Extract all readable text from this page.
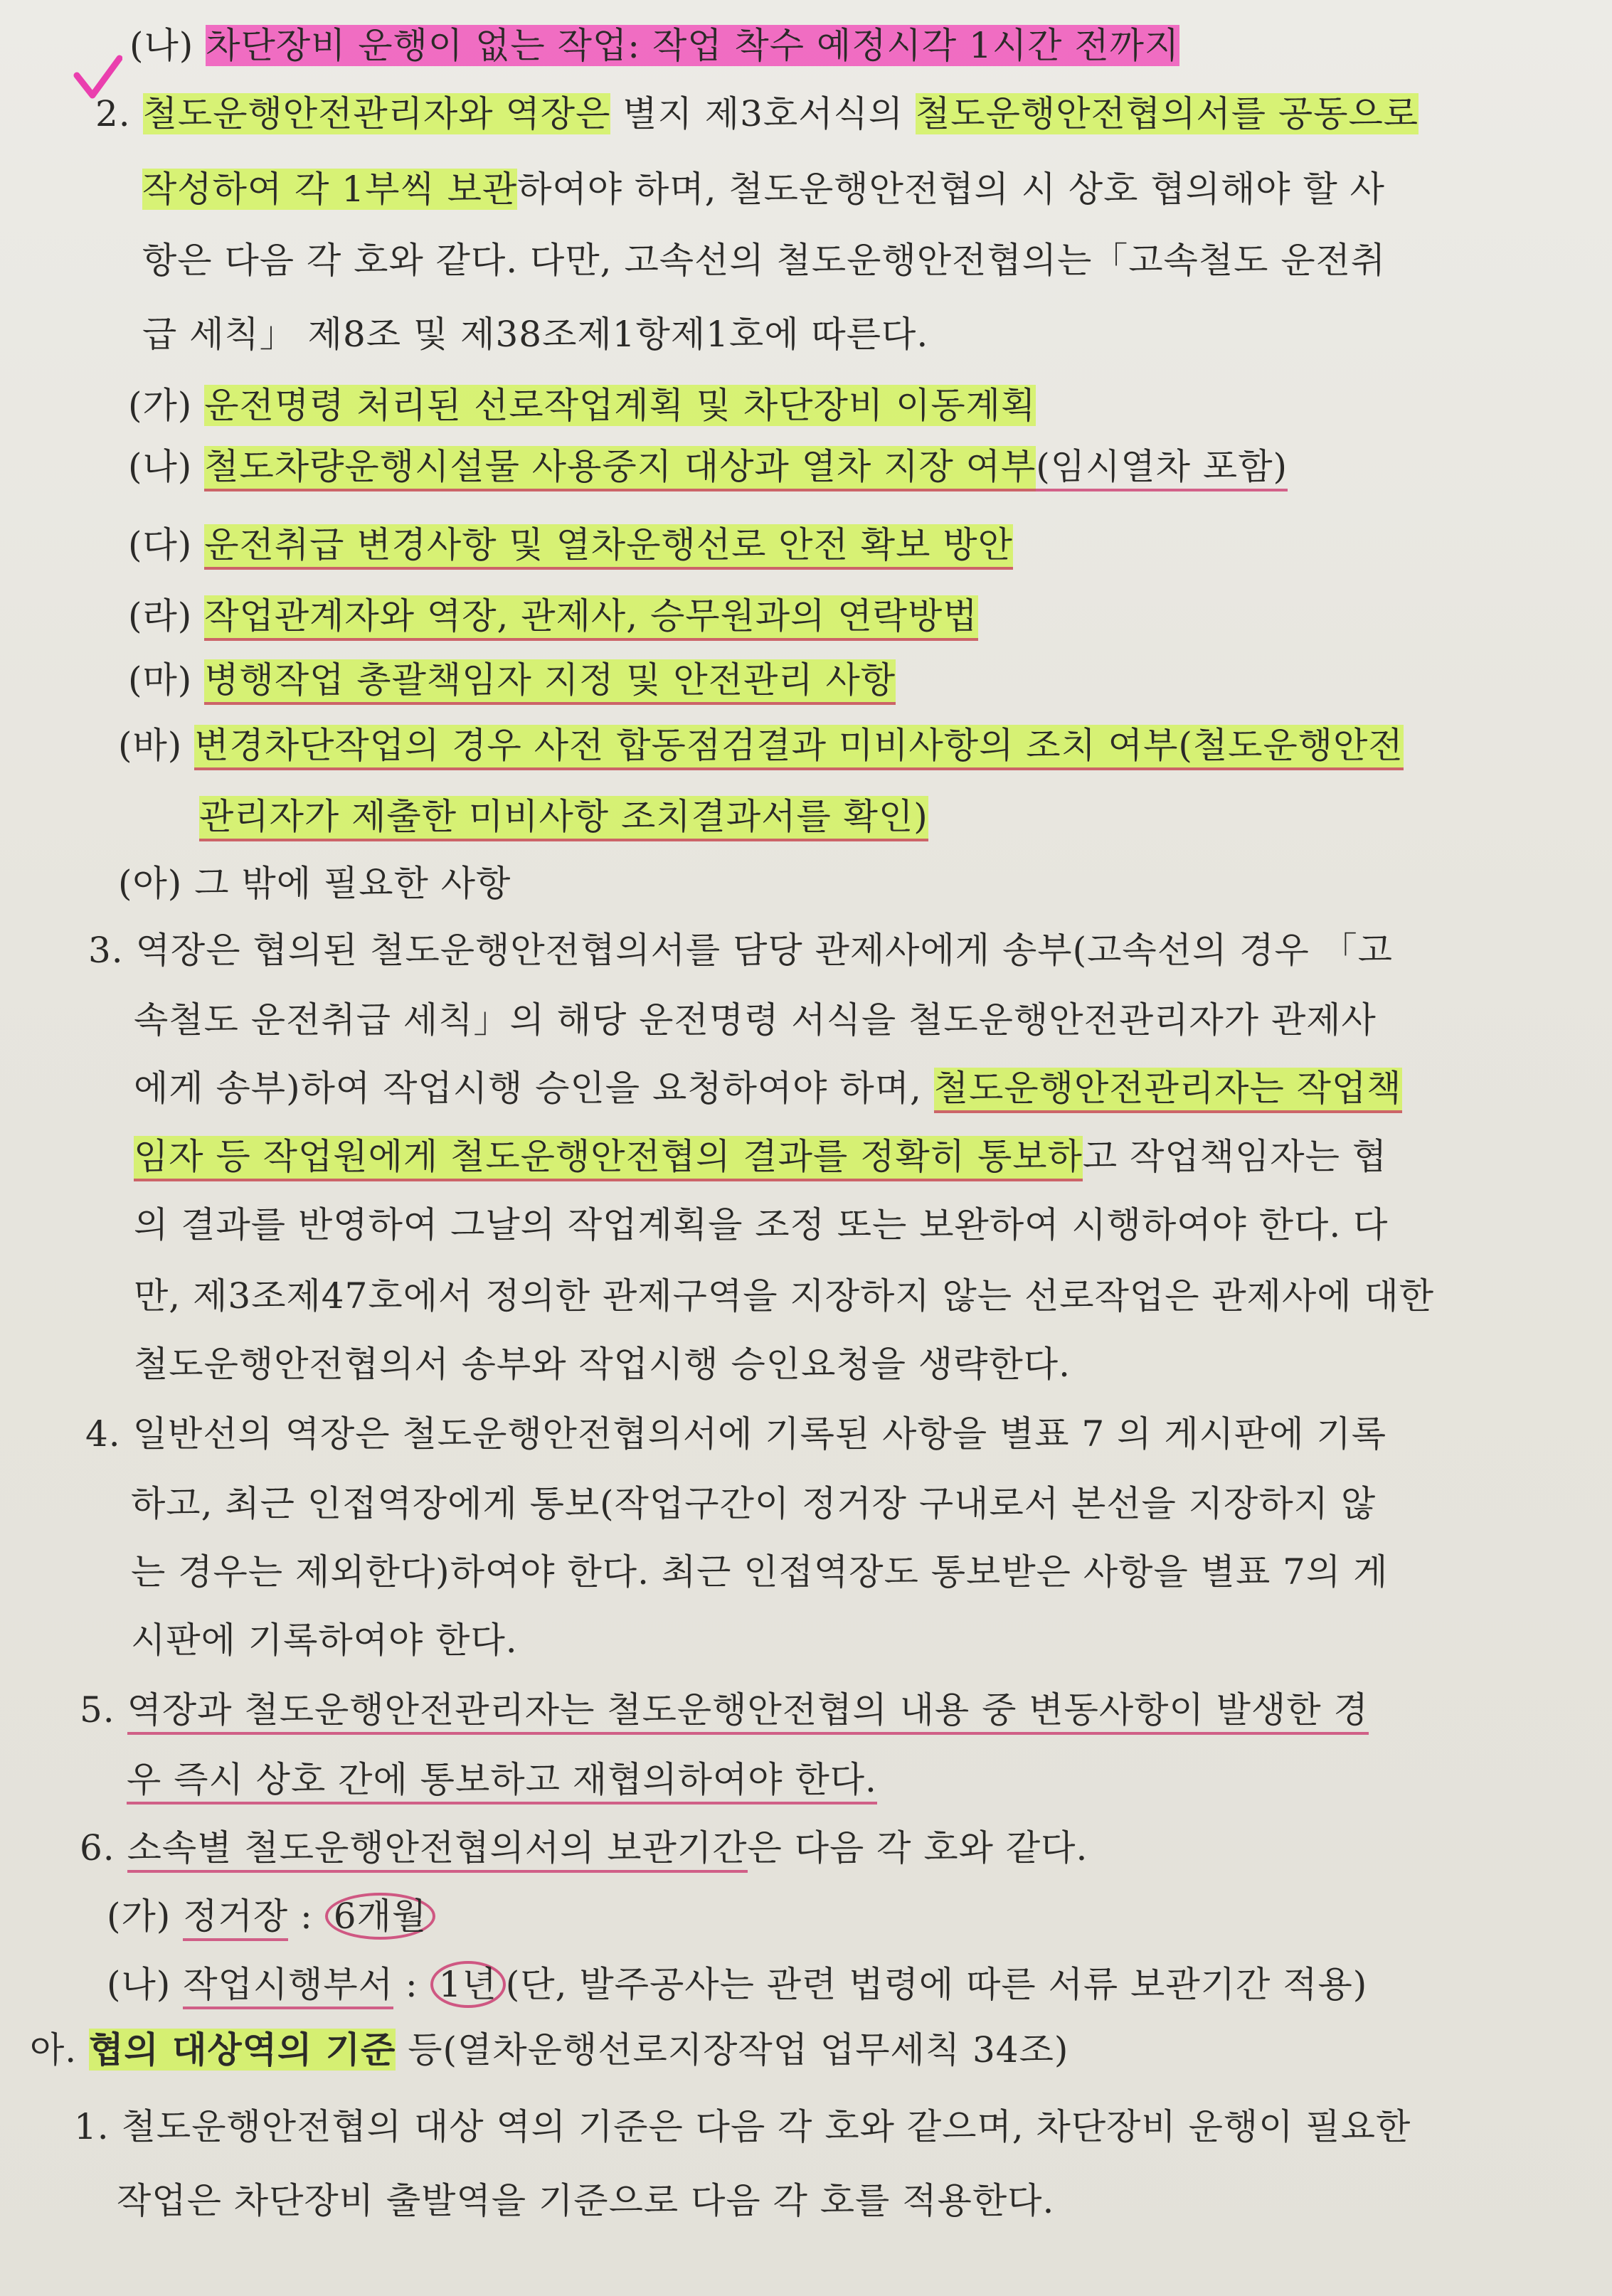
(나) 차단장비 운행이 없는 작업: 작업 착수 예정시각 1시간 전까지
2. 철도운행안전관리자와 역장은 별지 제3호서식의 철도운행안전협의서를 공동으로
작성하여 각 1부씩 보관하여야 하며, 철도운행안전협의 시 상호 협의해야 할 사
항은 다음 각 호와 같다. 다만, 고속선의 철도운행안전협의는「고속철도 운전취
급 세칙」 제8조 및 제38조제1항제1호에 따른다.
(가) 운전명령 처리된 선로작업계획 및 차단장비 이동계획
(나) 철도차량운행시설물 사용중지 대상과 열차 지장 여부(임시열차 포함)
(다) 운전취급 변경사항 및 열차운행선로 안전 확보 방안
(라) 작업관계자와 역장, 관제사, 승무원과의 연락방법
(마) 병행작업 총괄책임자 지정 및 안전관리 사항
(바) 변경차단작업의 경우 사전 합동점검결과 미비사항의 조치 여부(철도운행안전
관리자가 제출한 미비사항 조치결과서를 확인)
(아) 그 밖에 필요한 사항
3. 역장은 협의된 철도운행안전협의서를 담당 관제사에게 송부(고속선의 경우 「고
속철도 운전취급 세칙」의 해당 운전명령 서식을 철도운행안전관리자가 관제사
에게 송부)하여 작업시행 승인을 요청하여야 하며, 철도운행안전관리자는 작업책
임자 등 작업원에게 철도운행안전협의 결과를 정확히 통보하고 작업책임자는 협
의 결과를 반영하여 그날의 작업계획을 조정 또는 보완하여 시행하여야 한다. 다
만, 제3조제47호에서 정의한 관제구역을 지장하지 않는 선로작업은 관제사에 대한
철도운행안전협의서 송부와 작업시행 승인요청을 생략한다.
4. 일반선의 역장은 철도운행안전협의서에 기록된 사항을 별표 7 의 게시판에 기록
하고, 최근 인접역장에게 통보(작업구간이 정거장 구내로서 본선을 지장하지 않
는 경우는 제외한다)하여야 한다. 최근 인접역장도 통보받은 사항을 별표 7의 게
시판에 기록하여야 한다.
5. 역장과 철도운행안전관리자는 철도운행안전협의 내용 중 변동사항이 발생한 경
우 즉시 상호 간에 통보하고 재협의하여야 한다.
6. 소속별 철도운행안전협의서의 보관기간은 다음 각 호와 같다.
(가) 정거장 : 6개월
(나) 작업시행부서 : 1년 (단, 발주공사는 관련 법령에 따른 서류 보관기간 적용)
아. 협의 대상역의 기준 등(열차운행선로지장작업 업무세칙 34조)
1. 철도운행안전협의 대상 역의 기준은 다음 각 호와 같으며, 차단장비 운행이 필요한
작업은 차단장비 출발역을 기준으로 다음 각 호를 적용한다.
